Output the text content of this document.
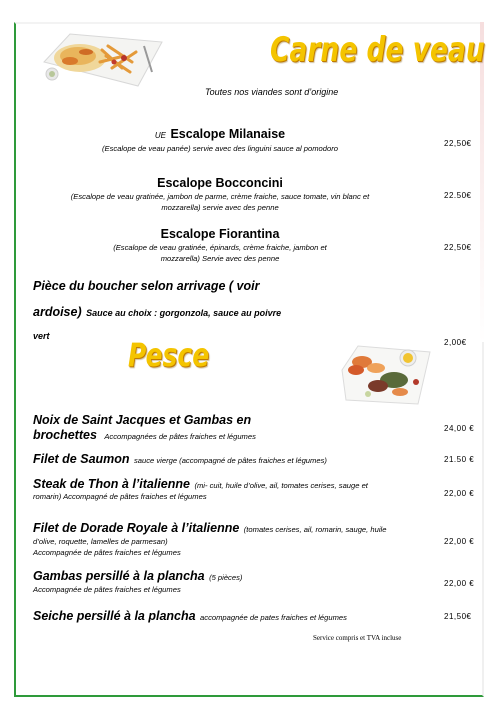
Carne de veau
Toutes nos viandes sont d’origine
UE Escalope Milanaise
(Escalope de veau panée) servie avec des linguini sauce al pomodoro
22,50€
Escalope Bocconcini
(Escalope de veau gratinée, jambon de parme, crème fraiche, sauce tomate, vin blanc et
mozzarella) servie avec des penne
22.50€
Escalope Fiorantina
(Escalope de veau gratinée, épinards, crème fraiche, jambon et
mozzarella) Servie avec des penne
22,50€
Pièce du boucher selon arrivage ( voir
ardoise) Sauce au choix : gorgonzola, sauce au poivre
vert
2,00€
Pesce
Noix de Saint Jacques et Gambas en
brochettes Accompagnées de pâtes fraiches et légumes
24,00 €
Filet de Saumon sauce vierge (accompagné de pâtes fraiches et légumes)	21.50 €
Steak de Thon à l’italienne (mi- cuit, huile d’olive, ail, tomates cerises, sauge et
romarin) Accompagné de pâtes fraiches et légumes	22,00 €
Filet de Dorade Royale à l’italienne (tomates cerises, ail, romarin, sauge, huile
d’olive, roquette, lamelles de parmesan)
Accompagnée de pâtes fraiches et légumes
22,00 €
Gambas persillé à la plancha (5 pièces)
Accompagnée de pâtes fraiches et légumes
22,00 €
Seiche persillé à la plancha accompagnée de pates fraiches et légumes	21,50€
Service compris et TVA incluse
